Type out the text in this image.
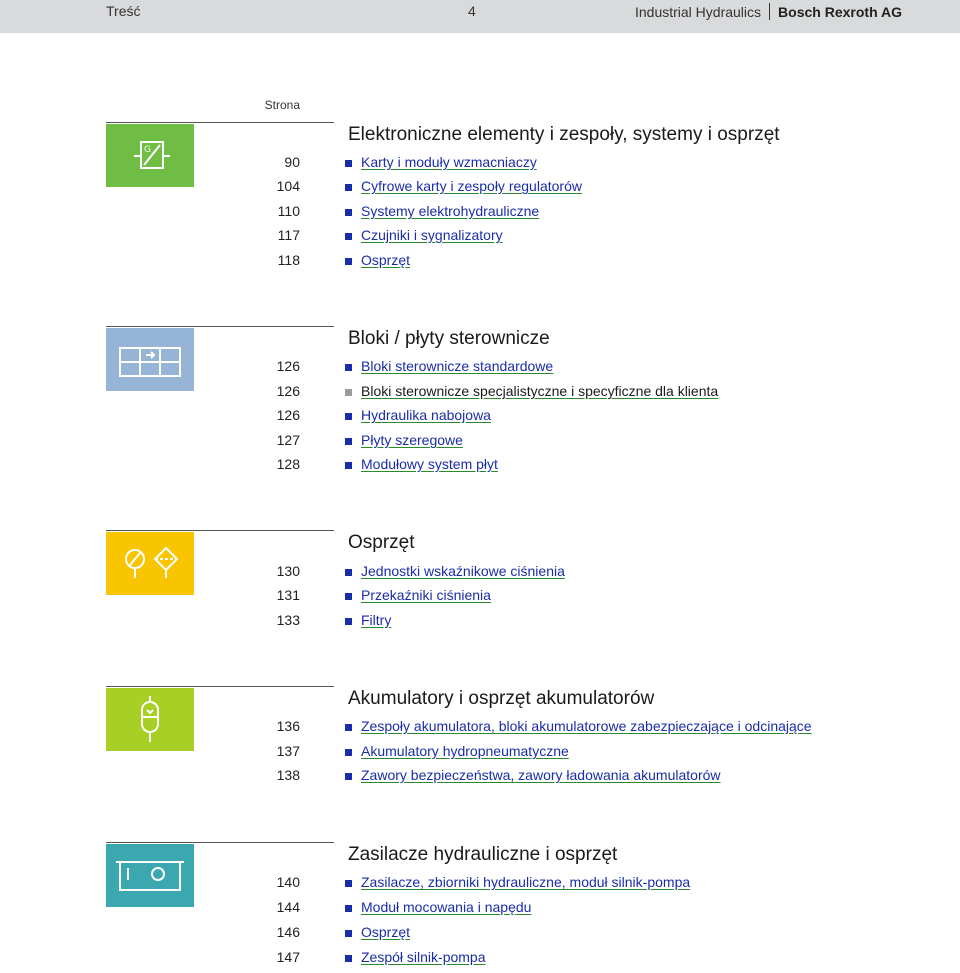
Treść	4	Industrial Hydraulics Bosch Rexroth AG
Strona
G
Elektroniczne elementy i zespoły, systemy i osprzęt
90	Karty i moduły wzmacniaczy
104	Cyfrowe karty i zespoły regulatorów
110	Systemy elektrohydrauliczne
117	Czujniki i sygnalizatory
118	Osprzęt
Bloki / płyty sterownicze
126	Bloki sterownicze standardowe
126	Bloki sterownicze specjalistyczne i specyficzne dla klienta
126	Hydraulika nabojowa
127	Płyty szeregowe
128	Modułowy system płyt
Osprzęt
130	Jednostki wskaźnikowe ciśnienia
131	Przekaźniki ciśnienia
133	Filtry
Akumulatory i osprzęt akumulatorów
136	Zespoły akumulatora, bloki akumulatorowe zabezpieczające i odcinające
137	Akumulatory hydropneumatyczne
138	Zawory bezpieczeństwa, zawory ładowania akumulatorów
Zasilacze hydrauliczne i osprzęt
140	Zasilacze, zbiorniki hydrauliczne, moduł silnik-pompa
144	Moduł mocowania i napędu
146	Osprzęt
147	Zespół silnik-pompa
